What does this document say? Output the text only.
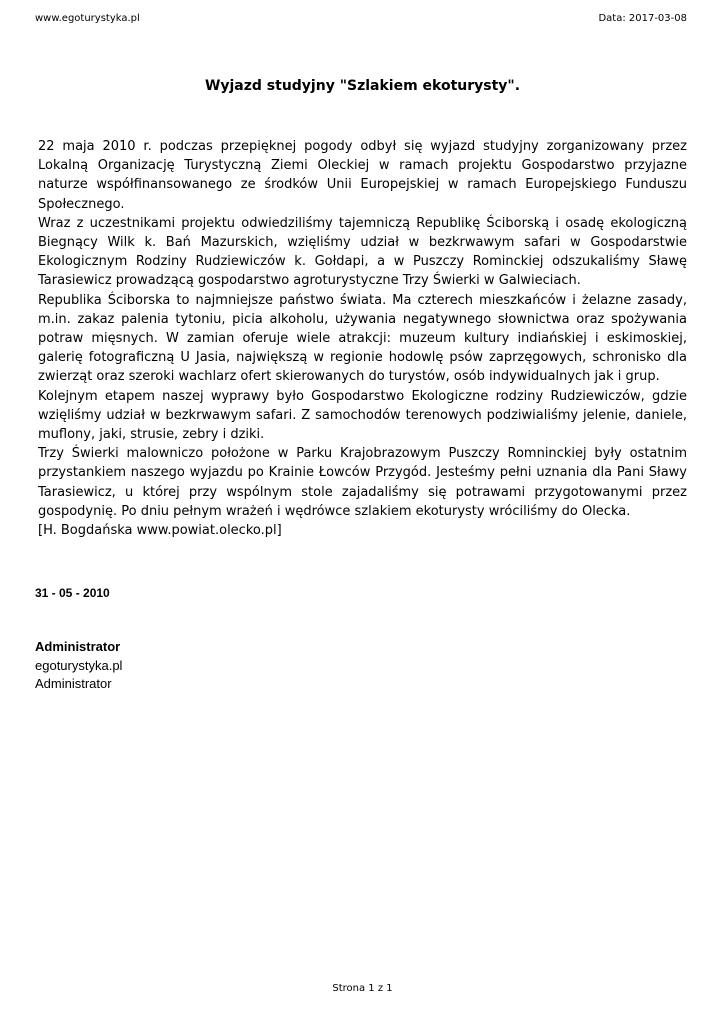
www.egoturystyka.pl	Data: 2017-03-08
Wyjazd studyjny "Szlakiem ekoturysty".

22 maja 2010 r. podczas przepięknej pogody odbył się wyjazd studyjny zorganizowany przez Lokalną Organizację Turystyczną Ziemi Oleckiej w ramach projektu Gospodarstwo przyjazne naturze współfinansowanego ze środków Unii Europejskiej w ramach Europejskiego Funduszu Społecznego.

Wraz z uczestnikami projektu odwiedziliśmy tajemniczą Republikę Ściborską i osadę ekologiczną Biegnący Wilk k. Bań Mazurskich, wzięliśmy udział w bezkrwawym safari w Gospodarstwie Ekologicznym Rodziny Rudziewiczów k. Gołdapi, a w Puszczy Rominckiej odszukaliśmy Sławę Tarasiewicz prowadzącą gospodarstwo agroturystyczne Trzy Świerki w Galwieciach.

Republika Ściborska to najmniejsze państwo świata. Ma czterech mieszkańców i żelazne zasady, m.in. zakaz palenia tytoniu, picia alkoholu, używania negatywnego słownictwa oraz spożywania potraw mięsnych. W zamian oferuje wiele atrakcji: muzeum kultury indiańskiej i eskimoskiej, galerię fotograficzną U Jasia, największą w regionie hodowlę psów zaprzęgowych, schronisko dla zwierząt oraz szeroki wachlarz ofert skierowanych do turystów, osób indywidualnych jak i grup.

Kolejnym etapem naszej wyprawy było Gospodarstwo Ekologiczne rodziny Rudziewiczów, gdzie wzięliśmy udział w bezkrwawym safari. Z samochodów terenowych podziwialiśmy jelenie, daniele, muflony, jaki, strusie, zebry i dziki.

Trzy Świerki malowniczo położone w Parku Krajobrazowym Puszczy Romninckiej były ostatnim przystankiem naszego wyjazdu po Krainie Łowców Przygód. Jesteśmy pełni uznania dla Pani Sławy Tarasiewicz, u której przy wspólnym stole zajadaliśmy się potrawami przygotowanymi przez gospodynię. Po dniu pełnym wrażeń i wędrówce szlakiem ekoturysty wróciliśmy do Olecka.

[H. Bogdańska www.powiat.olecko.pl]

31 - 05 - 2010
Administrator
egoturystyka.pl
Administrator
Strona 1 z 1
